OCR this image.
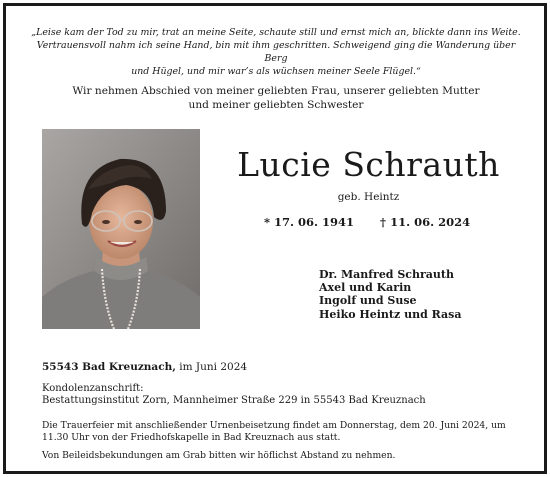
„Leise kam der Tod zu mir, trat an meine Seite, schaute still und ernst mich an, blickte dann ins Weite.
Vertrauensvoll nahm ich seine Hand, bin mit ihm geschritten. Schweigend ging die Wanderung über Berg
und Hügel, und mir war’s als wüchsen meiner Seele Flügel.“
Wir nehmen Abschied von meiner geliebten Frau, unserer geliebten Mutter
und meiner geliebten Schwester
Lucie Schrauth
geb. Heintz
* 17. 06. 1941 † 11. 06. 2024
Dr. Manfred Schrauth
Axel und Karin
Ingolf und Suse
Heiko Heintz und Rasa
55543 Bad Kreuznach, im Juni 2024
Kondolenzanschrift:
Bestattungsinstitut Zorn, Mannheimer Straße 229 in 55543 Bad Kreuznach
Die Trauerfeier mit anschließender Urnenbeisetzung findet am Donnerstag, dem 20. Juni 2024, um
11.30 Uhr von der Friedhofskapelle in Bad Kreuznach aus statt.
Von Beileidsbekundungen am Grab bitten wir höflichst Abstand zu nehmen.
